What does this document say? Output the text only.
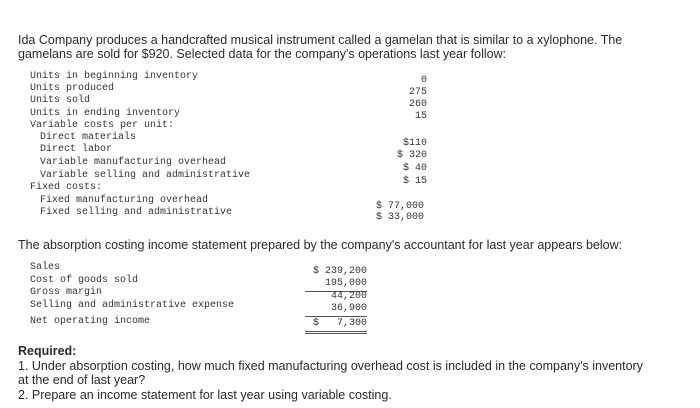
Ida Company produces a handcrafted musical instrument called a gamelan that is similar to a xylophone. The
gamelans are sold for $920. Selected data for the company's operations last year follow:
Units in beginning inventory
Units produced
Units sold
Units in ending inventory
Variable costs per unit:
Direct materials
Direct labor
Variable manufacturing overhead
Variable selling and administrative
Fixed costs:
Fixed manufacturing overhead
Fixed selling and administrative
0
275
260
15
$110
$ 320
$ 40
$ 15
$ 77,000
$ 33,000
The absorption costing income statement prepared by the company's accountant for last year appears below:
Sales
Cost of goods sold
Gross margin
Selling and administrative expense
Net operating income
$ 239,200
195,000
44,200
36,900
$   7,300
Required:
1. Under absorption costing, how much fixed manufacturing overhead cost is included in the company's inventory
at the end of last year?
2. Prepare an income statement for last year using variable costing.
